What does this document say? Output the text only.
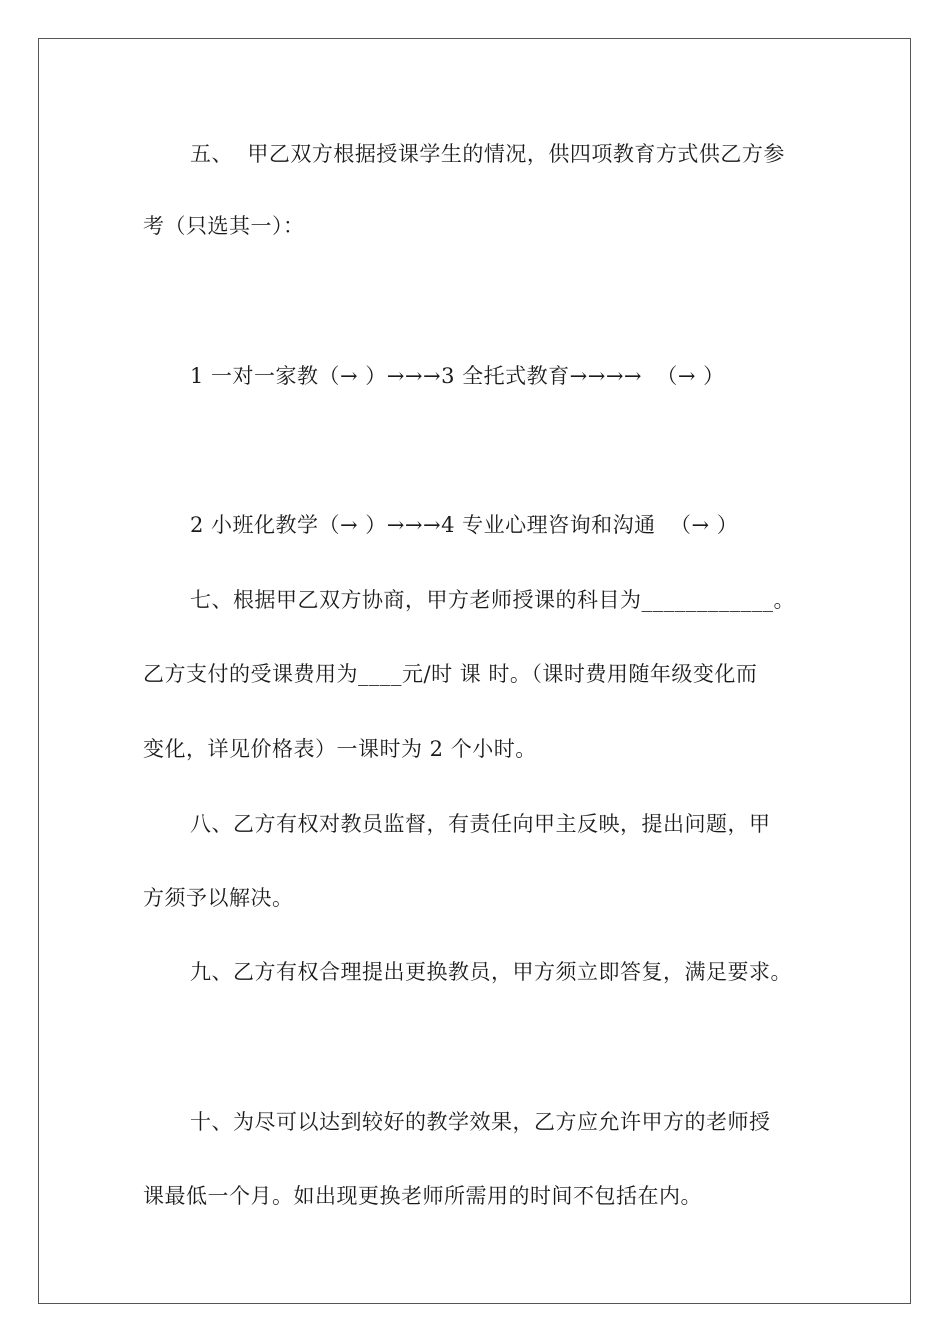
五、  甲乙双方根据授课学生的情况，供四项教育方式供乙方参
考（只选其一）：
1 一对一家教（→ ）→→→3 全托式教育→→→→  （→ ）
2 小班化教学（→ ）→→→4 专业心理咨询和沟通  （→ ）
七、根据甲乙双方协商，甲方老师授课的科目为____________。
乙方支付的受课费用为____元/时 课 时。（课时费用随年级变化而
变化，详见价格表）一课时为 2 个小时。
八、乙方有权对教员监督，有责任向甲主反映，提出问题，甲
方须予以解决。
九、乙方有权合理提出更换教员，甲方须立即答复，满足要求。
十、为尽可以达到较好的教学效果，乙方应允许甲方的老师授
课最低一个月。如出现更换老师所需用的时间不包括在内。
